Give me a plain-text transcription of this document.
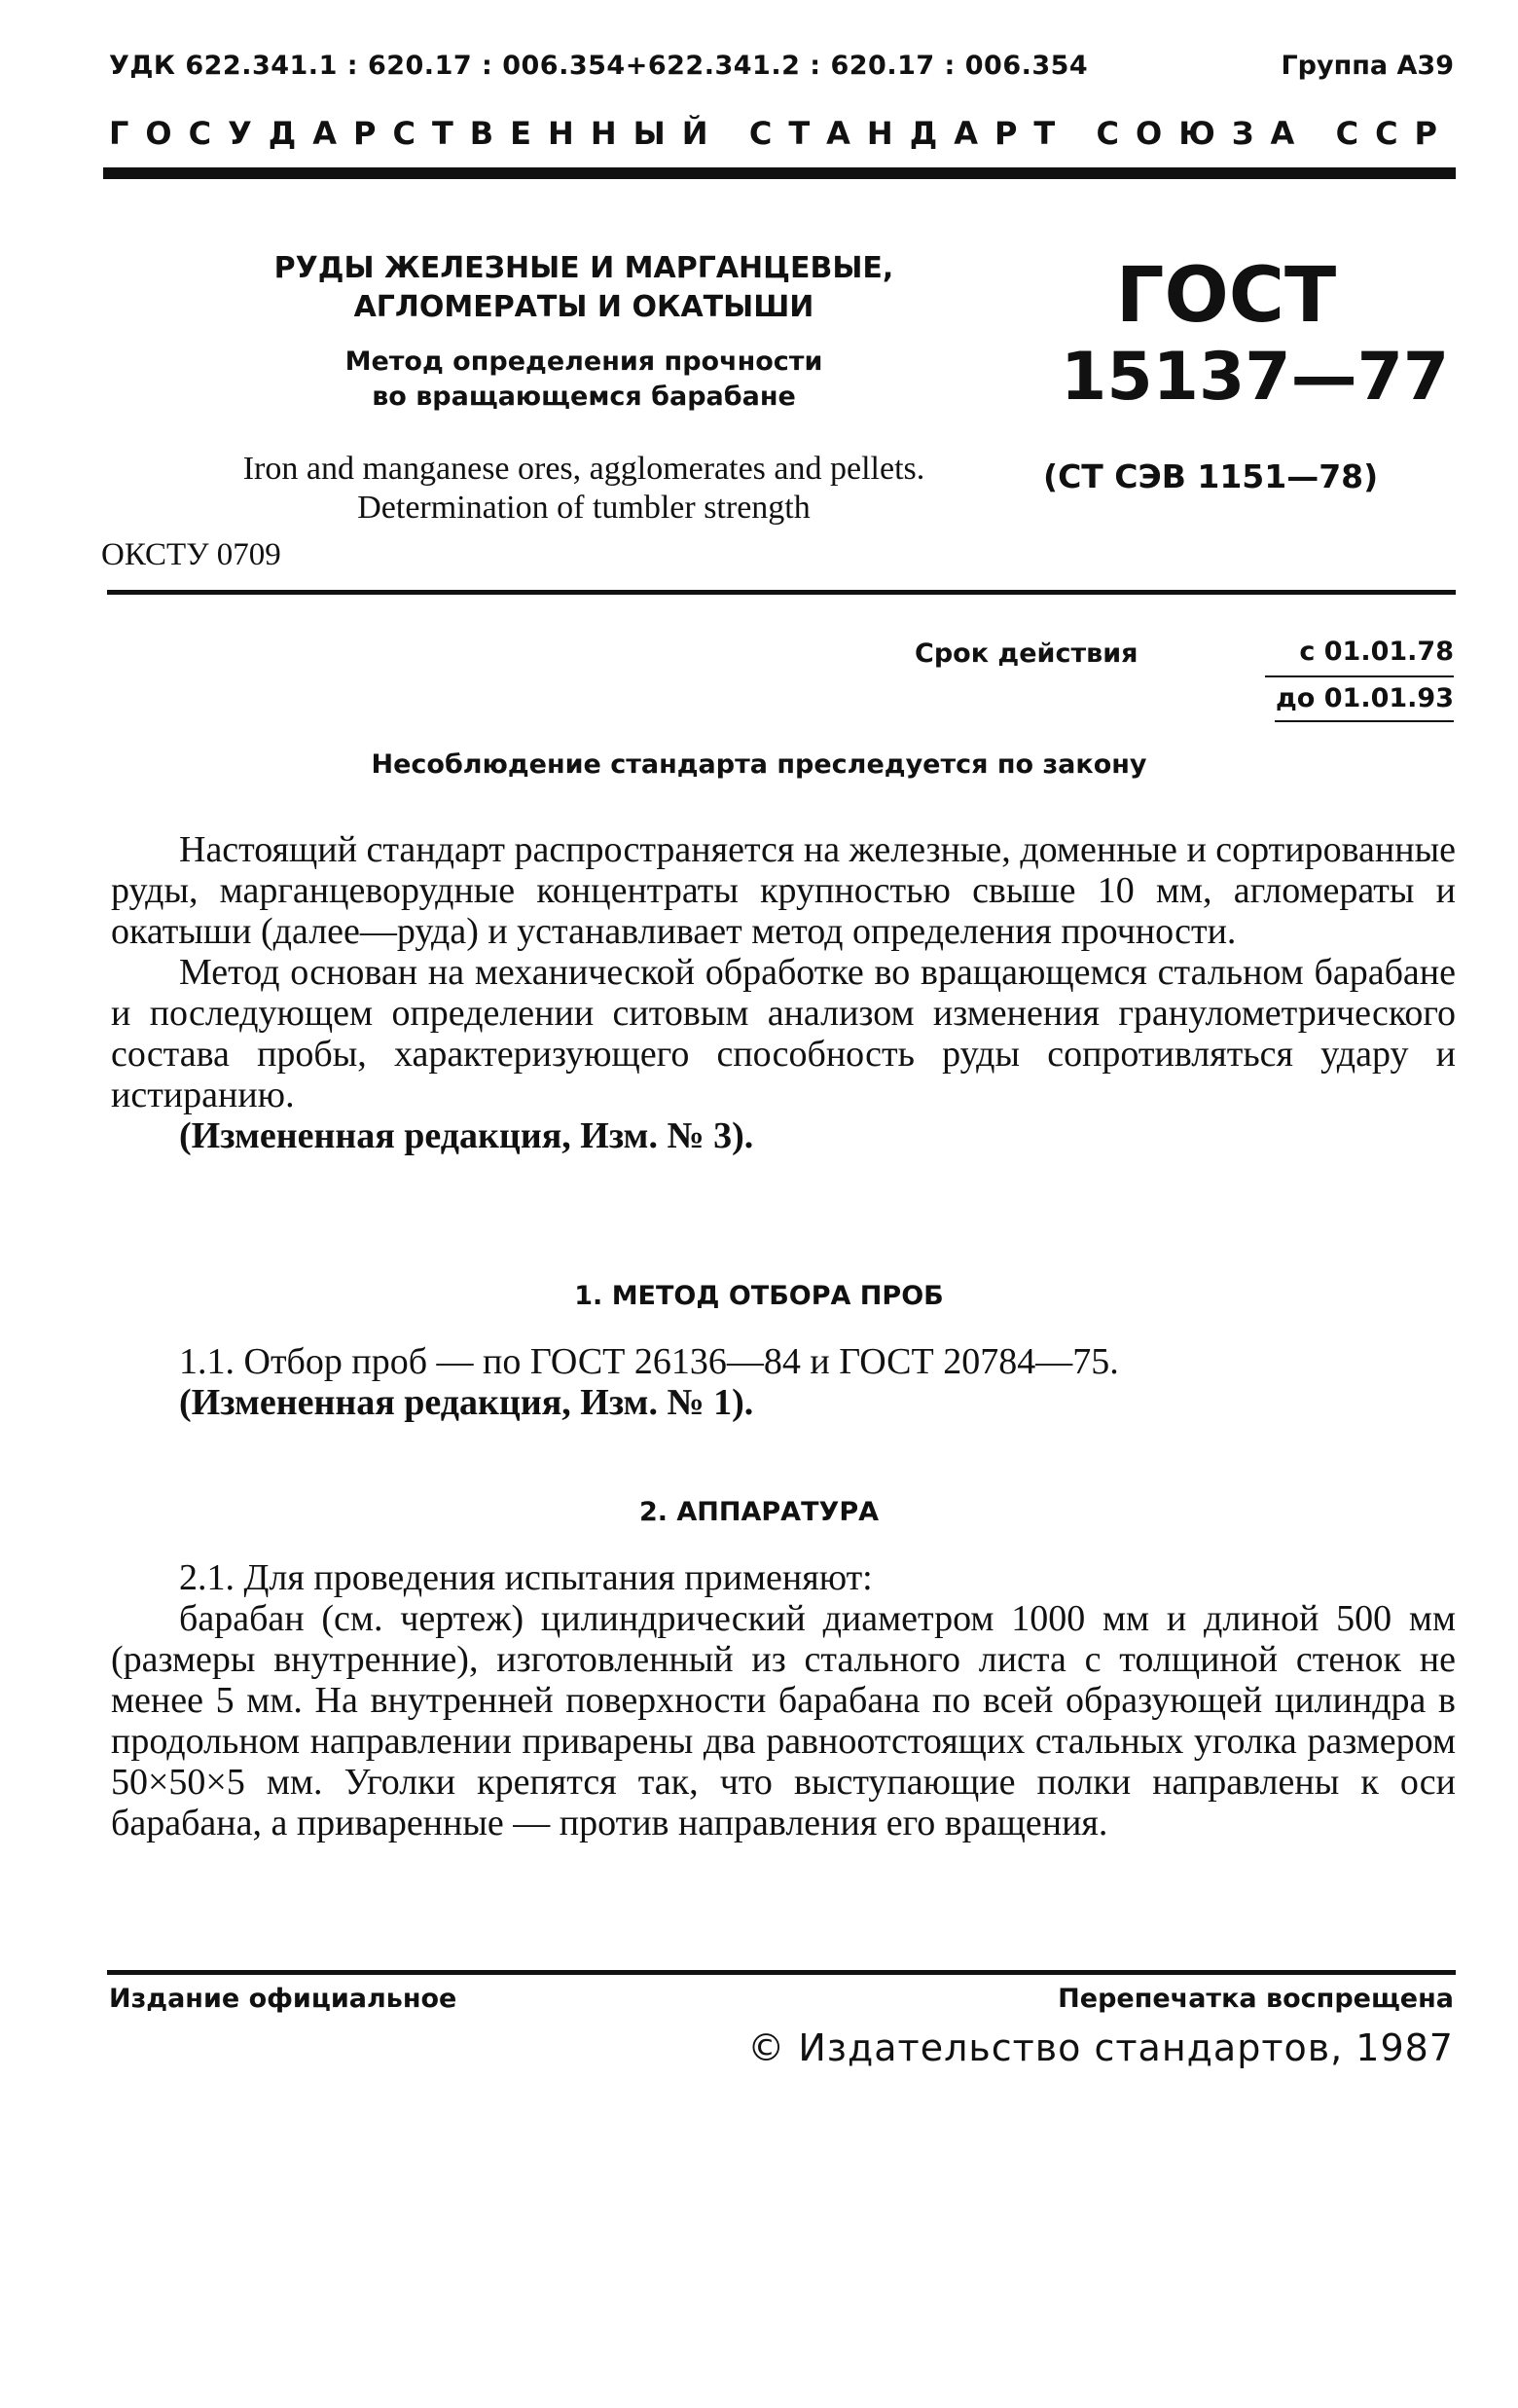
УДК 622.341.1 : 620.17 : 006.354+622.341.2 : 620.17 : 006.354	Группа А39
ГОСУДАРСТВЕННЫЙ СТАНДАРТ СОЮЗА ССР
РУДЫ ЖЕЛЕЗНЫЕ И МАРГАНЦЕВЫЕ,
АГЛОМЕРАТЫ И ОКАТЫШИ
Метод определения прочности
во вращающемся барабане
ГОСТ
15137—77
Iron and manganese ores, agglomerates and pellets.
Determination of tumbler strength
(СТ СЭВ 1151—78)
ОКСТУ 0709
Срок действия	с 01.01.78
до 01.01.93
Несоблюдение стандарта преследуется по закону

Настоящий стандарт распространяется на железные, доменные и сортированные руды, марганцеворудные концентраты крупностью свыше 10 мм, агломераты и окатыши (далее—руда) и устанавливает метод определения прочности.

Метод основан на механической обработке во вращающемся стальном барабане и последующем определении ситовым анализом изменения гранулометрического состава пробы, характеризующего способность руды сопротивляться удару и истиранию.

(Измененная редакция, Изм. № 3).

1. МЕТОД ОТБОРА ПРОБ

1.1. Отбор проб — по ГОСТ 26136—84 и ГОСТ 20784—75.

(Измененная редакция, Изм. № 1).

2. АППАРАТУРА

2.1. Для проведения испытания применяют:

барабан (см. чертеж) цилиндрический диаметром 1000 мм и длиной 500 мм (размеры внутренние), изготовленный из стального листа с толщиной стенок не менее 5 мм. На внутренней поверхности барабана по всей образующей цилиндра в продольном направлении приварены два равноотстоящих стальных уголка размером 50×50×5 мм. Уголки крепятся так, что выступающие полки направлены к оси барабана, а приваренные — против направления его вращения.

Издание официальное	Перепечатка воспрещена
© Издательство стандартов, 1987
